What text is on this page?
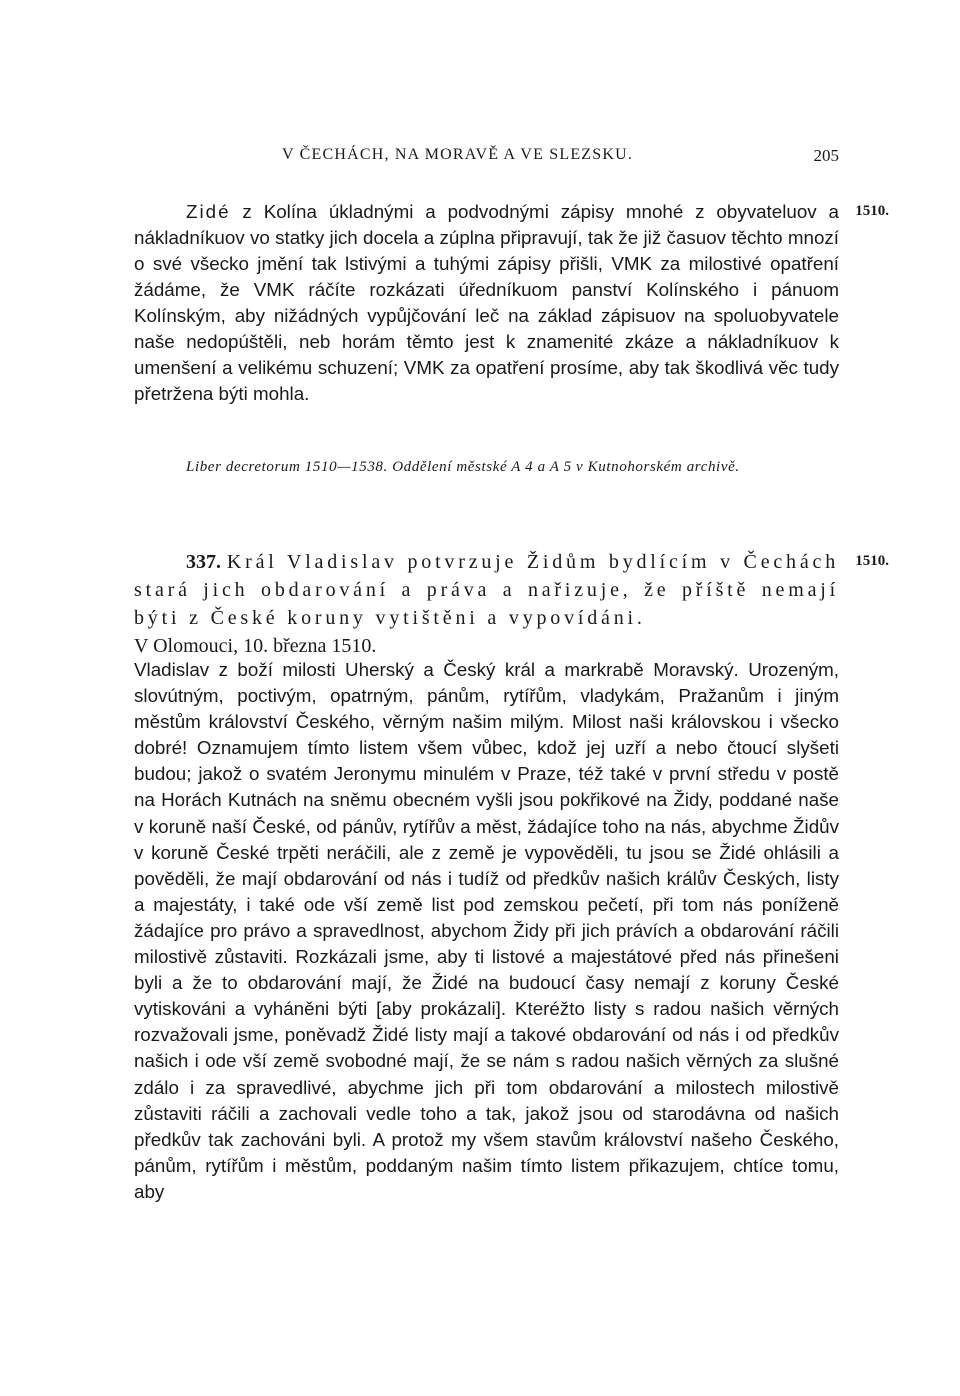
V ČECHÁCH, NA MORAVĚ A VE SLEZSKU.	205
1510.
Zidé z Kolína úkladnými a podvodnými zápisy mnohé z obyvateluov a nákladníkuov vo statky jich docela a zúplna připravují, tak že již časuov těchto mnozí o své všecko jmění tak lstivými a tuhými zápisy přišli, VMK za milostivé opatření žádáme, že VMK ráčíte rozkázati úředníkuom panství Kolínského i pánuom Kolínským, aby nižádných vypůjčování leč na základ zápisuov na spoluobyvatele naše nedopúštěli, neb horám těmto jest k znamenité zkáze a nákladníkuov k umenšení a velikému schuzení; VMK za opatření prosíme, aby tak škodlivá věc tudy přetržena býti mohla.
Liber decretorum 1510—1538. Oddělení městské A 4 a A 5 v Kutnohorském archivě.
1510.
337. Král Vladislav potvrzuje Židům bydlícím v Čechách stará jich obdarování a práva a nařizuje, že příště nemají býti z České koruny vytištěni a vypovídáni.
V Olomouci, 10. března 1510.
Vladislav z boží milosti Uherský a Český král a markrabě Moravský. Urozeným, slovútným, poctivým, opatrným, pánům, rytířům, vladykám, Pražanům i jiným městům království Českého, věrným našim milým. Milost naši královskou i všecko dobré! Oznamujem tímto listem všem vůbec, kdož jej uzří a nebo čtoucí slyšeti budou; jakož o svatém Jeronymu minulém v Praze, též také v první středu v postě na Horách Kutnách na sněmu obecném vyšli jsou pokřikové na Židy, poddané naše v koruně naší České, od pánův, rytířův a měst, žádajíce toho na nás, abychme Židův v koruně České trpěti neráčili, ale z země je vypověděli, tu jsou se Židé ohlásili a pověděli, že mají obdarování od nás i tudíž od předkův našich králův Českých, listy a majestáty, i také ode vší země list pod zemskou pečetí, při tom nás poníženě žádajíce pro právo a spravedlnost, abychom Židy při jich právích a obdarování ráčili milostivě zůstaviti. Rozkázali jsme, aby ti listové a majestátové před nás přinešeni byli a že to obdarování mají, že Židé na budoucí časy nemají z koruny České vytiskováni a vyháněni býti [aby prokázali]. Kteréžto listy s radou našich věrných rozvažovali jsme, poněvadž Židé listy mají a takové obdarování od nás i od předkův našich i ode vší země svobodné mají, že se nám s radou našich věrných za slušné zdálo i za spravedlivé, abychme jich při tom obdarování a milostech milostivě zůstaviti ráčili a zachovali vedle toho a tak, jakož jsou od starodávna od našich předkův tak zachováni byli. A protož my všem stavům království našeho Českého, pánům, rytířům i městům, poddaným našim tímto listem přikazujem, chtíce tomu, aby
